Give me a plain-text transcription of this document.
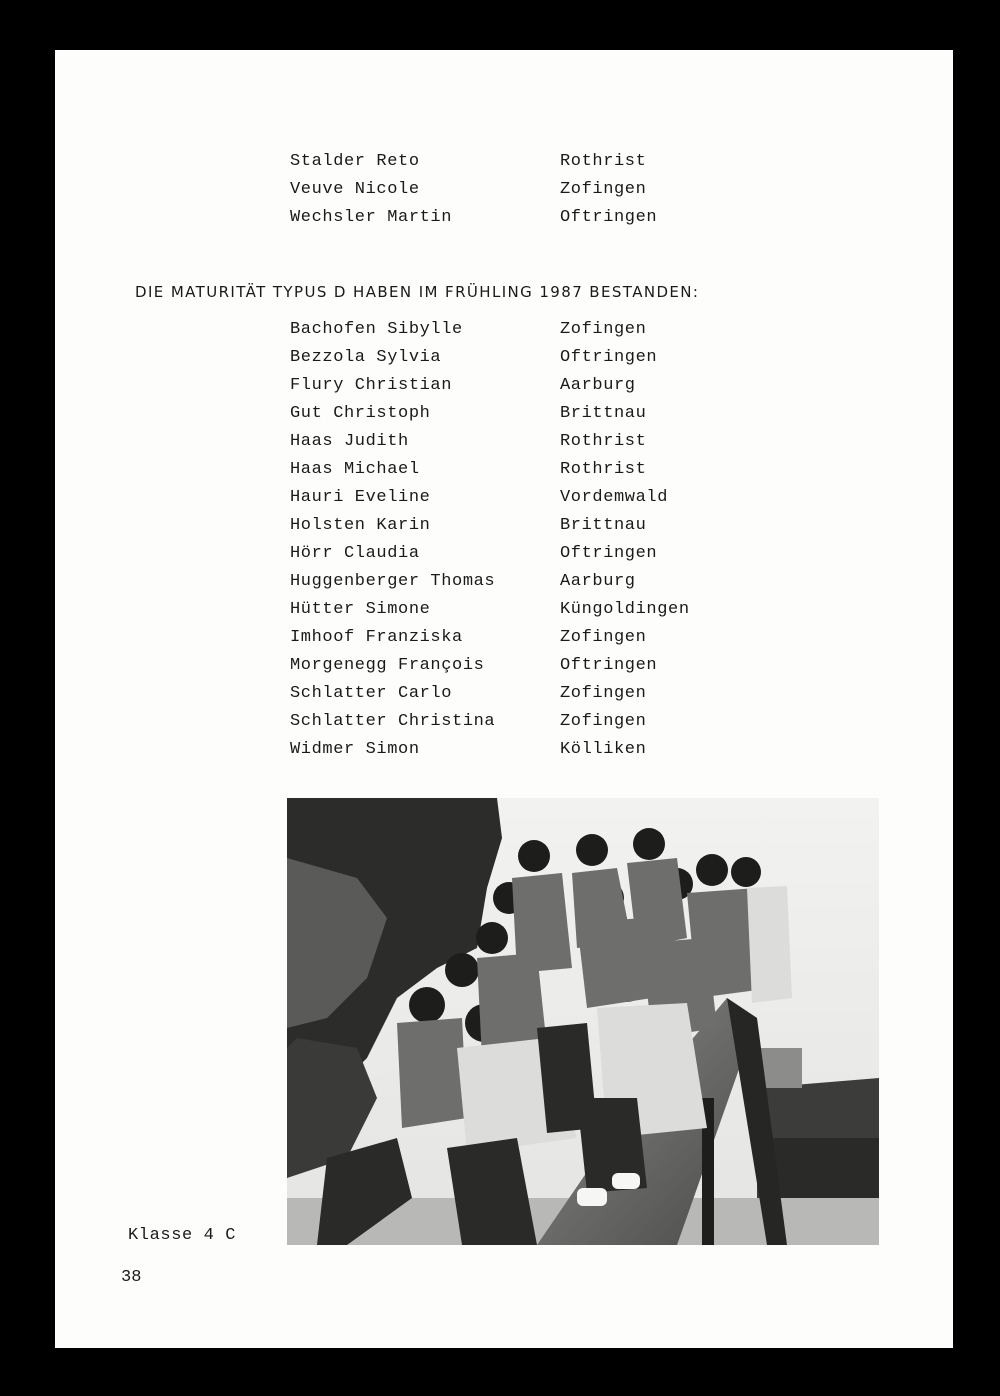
Stalder Reto	Rothrist
Veuve Nicole	Zofingen
Wechsler Martin	Oftringen
DIE MATURITÄT TYPUS D HABEN IM FRÜHLING 1987 BESTANDEN:
Bachofen Sibylle	Zofingen
Bezzola Sylvia	Oftringen
Flury Christian	Aarburg
Gut Christoph	Brittnau
Haas Judith	Rothrist
Haas Michael	Rothrist
Hauri Eveline	Vordemwald
Holsten Karin	Brittnau
Hörr Claudia	Oftringen
Huggenberger Thomas	Aarburg
Hütter Simone	Küngoldingen
Imhoof Franziska	Zofingen
Morgenegg François	Oftringen
Schlatter Carlo	Zofingen
Schlatter Christina	Zofingen
Widmer Simon	Kölliken
Klasse 4 C
38
